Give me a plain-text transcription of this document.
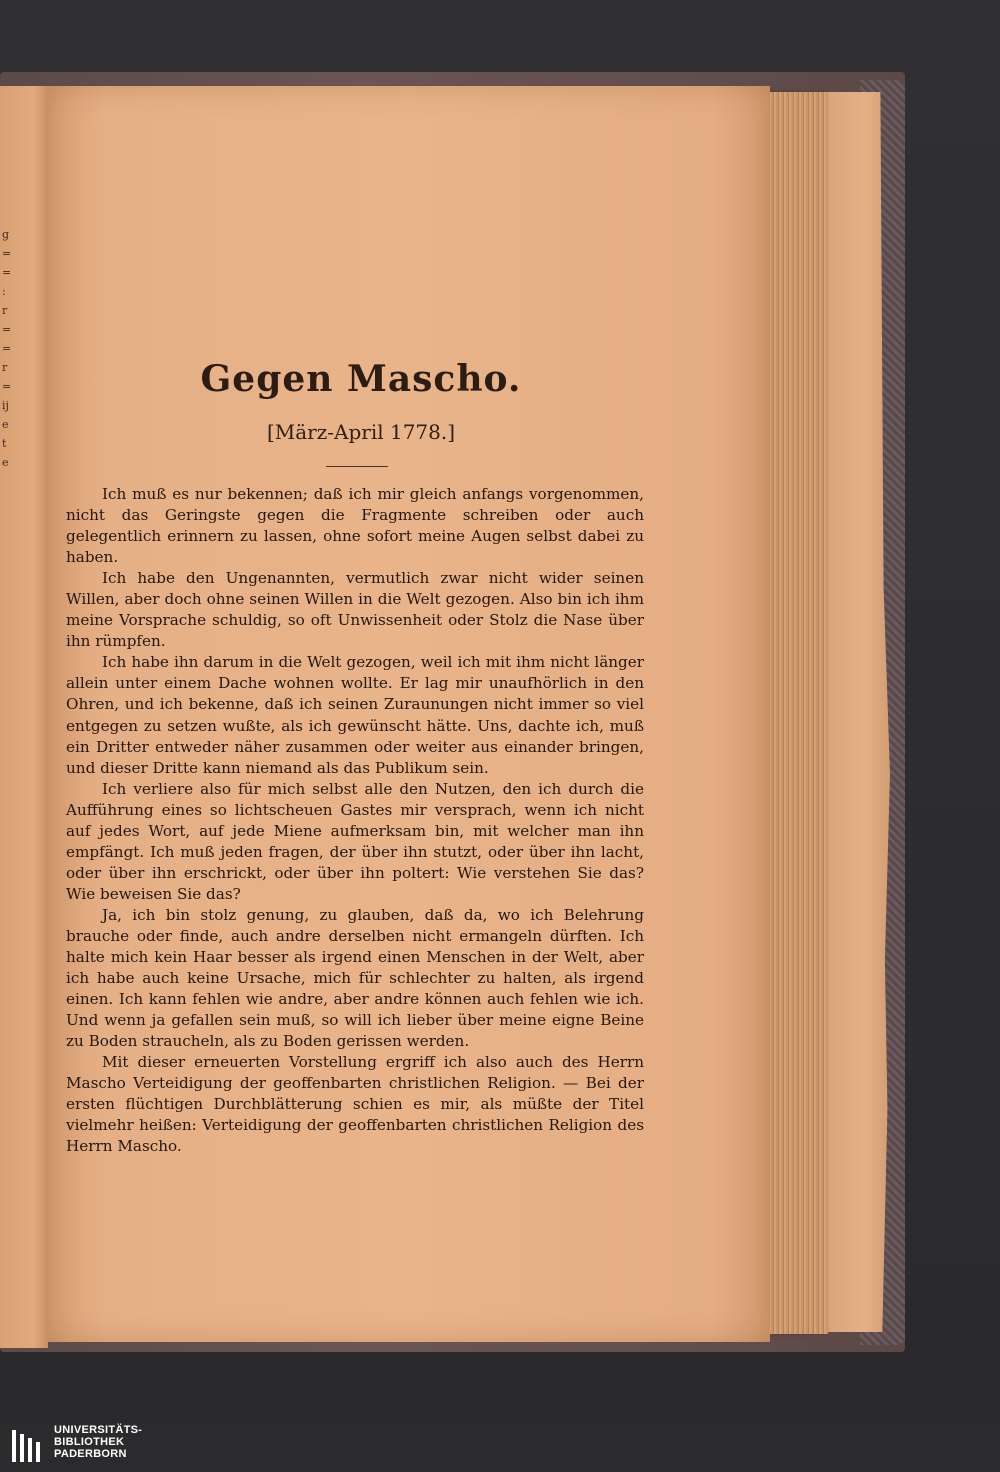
g
=
=
:
r
=
=
r
=
ij
e
t
e
Gegen Mascho.
[März-April 1778.]

Ich muß es nur bekennen; daß ich mir gleich anfangs vorgenommen, nicht das Geringste gegen die Fragmente schreiben oder auch gelegentlich erinnern zu lassen, ohne sofort meine Augen selbst dabei zu haben.

Ich habe den Ungenannten, vermutlich zwar nicht wider seinen Willen, aber doch ohne seinen Willen in die Welt gezogen. Also bin ich ihm meine Vorsprache schuldig, so oft Unwissenheit oder Stolz die Nase über ihn rümpfen.

Ich habe ihn darum in die Welt gezogen, weil ich mit ihm nicht länger allein unter einem Dache wohnen wollte. Er lag mir unaufhörlich in den Ohren, und ich bekenne, daß ich seinen Zuraunungen nicht immer so viel entgegen zu setzen wußte, als ich gewünscht hätte. Uns, dachte ich, muß ein Dritter entweder näher zusammen oder weiter aus einander bringen, und dieser Dritte kann niemand als das Publikum sein.

Ich verliere also für mich selbst alle den Nutzen, den ich durch die Aufführung eines so lichtscheuen Gastes mir versprach, wenn ich nicht auf jedes Wort, auf jede Miene aufmerksam bin, mit welcher man ihn empfängt. Ich muß jeden fragen, der über ihn stutzt, oder über ihn lacht, oder über ihn erschrickt, oder über ihn poltert: Wie verstehen Sie das? Wie beweisen Sie das?

Ja, ich bin stolz genung, zu glauben, daß da, wo ich Belehrung brauche oder finde, auch andre derselben nicht ermangeln dürften. Ich halte mich kein Haar besser als irgend einen Menschen in der Welt, aber ich habe auch keine Ursache, mich für schlechter zu halten, als irgend einen. Ich kann fehlen wie andre, aber andre können auch fehlen wie ich. Und wenn ja gefallen sein muß, so will ich lieber über meine eigne Beine zu Boden straucheln, als zu Boden gerissen werden.

Mit dieser erneuerten Vorstellung ergriff ich also auch des Herrn Mascho Verteidigung der geoffenbarten christlichen Religion. — Bei der ersten flüchtigen Durchblätterung schien es mir, als müßte der Titel vielmehr heißen: Verteidigung der geoffenbarten christlichen Religion des Herrn Mascho.

UNIVERSITÄTS-
BIBLIOTHEK
PADERBORN
